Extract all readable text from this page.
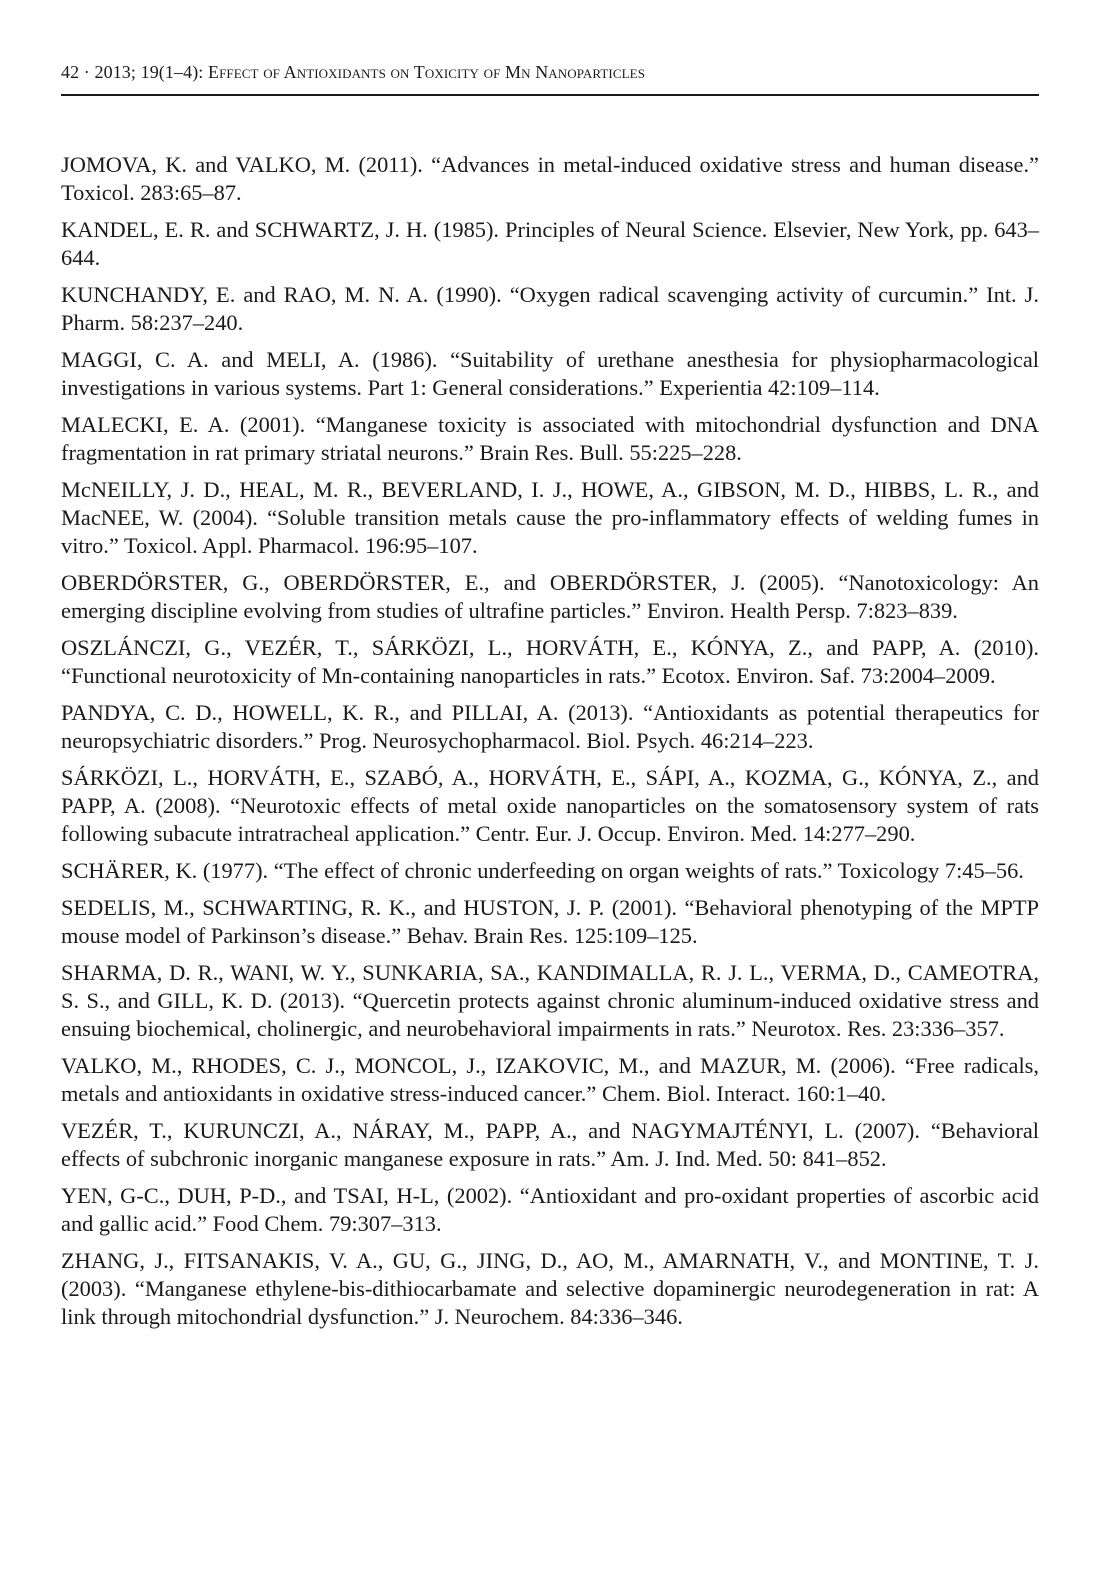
42 · 2013; 19(1–4): Effect of Antioxidants on Toxicity of Mn Nanoparticles
JOMOVA, K. and VALKO, M. (2011). “Advances in metal-induced oxidative stress and human disease.” Toxicol. 283:65–87.
KANDEL, E. R. and SCHWARTZ, J. H. (1985). Principles of Neural Science. Elsevier, New York, pp. 643–644.
KUNCHANDY, E. and RAO, M. N. A. (1990). “Oxygen radical scavenging activity of curcumin.” Int. J. Pharm. 58:237–240.
MAGGI, C. A. and MELI, A. (1986). “Suitability of urethane anesthesia for physiopharmacological investigations in various systems. Part 1: General considerations.” Experientia 42:109–114.
MALECKI, E. A. (2001). “Manganese toxicity is associated with mitochondrial dysfunction and DNA fragmentation in rat primary striatal neurons.” Brain Res. Bull. 55:225–228.
McNEILLY, J. D., HEAL, M. R., BEVERLAND, I. J., HOWE, A., GIBSON, M. D., HIBBS, L. R., and MacNEE, W. (2004). “Soluble transition metals cause the pro-inflammatory effects of welding fumes in vitro.” Toxicol. Appl. Pharmacol. 196:95–107.
OBERDÖRSTER, G., OBERDÖRSTER, E., and OBERDÖRSTER, J. (2005). “Nanotoxicology: An emerging discipline evolving from studies of ultrafine particles.” Environ. Health Persp. 7:823–839.
OSZLÁNCZI, G., VEZÉR, T., SÁRKÖZI, L., HORVÁTH, E., KÓNYA, Z., and PAPP, A. (2010). “Functional neurotoxicity of Mn-containing nanoparticles in rats.” Ecotox. Environ. Saf. 73:2004–2009.
PANDYA, C. D., HOWELL, K. R., and PILLAI, A. (2013). “Antioxidants as potential therapeutics for neuropsychiatric disorders.” Prog. Neurosychopharmacol. Biol. Psych. 46:214–223.
SÁRKÖZI, L., HORVÁTH, E., SZABÓ, A., HORVÁTH, E., SÁPI, A., KOZMA, G., KÓNYA, Z., and PAPP, A. (2008). “Neurotoxic effects of metal oxide nanoparticles on the somatosensory system of rats following subacute intratracheal application.” Centr. Eur. J. Occup. Environ. Med. 14:277–290.
SCHÄRER, K. (1977). “The effect of chronic underfeeding on organ weights of rats.” Toxicology 7:45–56.
SEDELIS, M., SCHWARTING, R. K., and HUSTON, J. P. (2001). “Behavioral phenotyping of the MPTP mouse model of Parkinson’s disease.” Behav. Brain Res. 125:109–125.
SHARMA, D. R., WANI, W. Y., SUNKARIA, SA., KANDIMALLA, R. J. L., VERMA, D., CAMEOTRA, S. S., and GILL, K. D. (2013). “Quercetin protects against chronic aluminum-induced oxidative stress and ensuing biochemical, cholinergic, and neurobehavioral impairments in rats.” Neurotox. Res. 23:336–357.
VALKO, M., RHODES, C. J., MONCOL, J., IZAKOVIC, M., and MAZUR, M. (2006). “Free radicals, metals and antioxidants in oxidative stress-induced cancer.” Chem. Biol. Interact. 160:1–40.
VEZÉR, T., KURUNCZI, A., NÁRAY, M., PAPP, A., and NAGYMAJTÉNYI, L. (2007). “Behavioral effects of subchronic inorganic manganese exposure in rats.” Am. J. Ind. Med. 50: 841–852.
YEN, G-C., DUH, P-D., and TSAI, H-L, (2002). “Antioxidant and pro-oxidant properties of ascorbic acid and gallic acid.” Food Chem. 79:307–313.
ZHANG, J., FITSANAKIS, V. A., GU, G., JING, D., AO, M., AMARNATH, V., and MONTINE, T. J. (2003). “Manganese ethylene-bis-dithiocarbamate and selective dopaminergic neurodegeneration in rat: A link through mitochondrial dysfunction.” J. Neurochem. 84:336–346.
